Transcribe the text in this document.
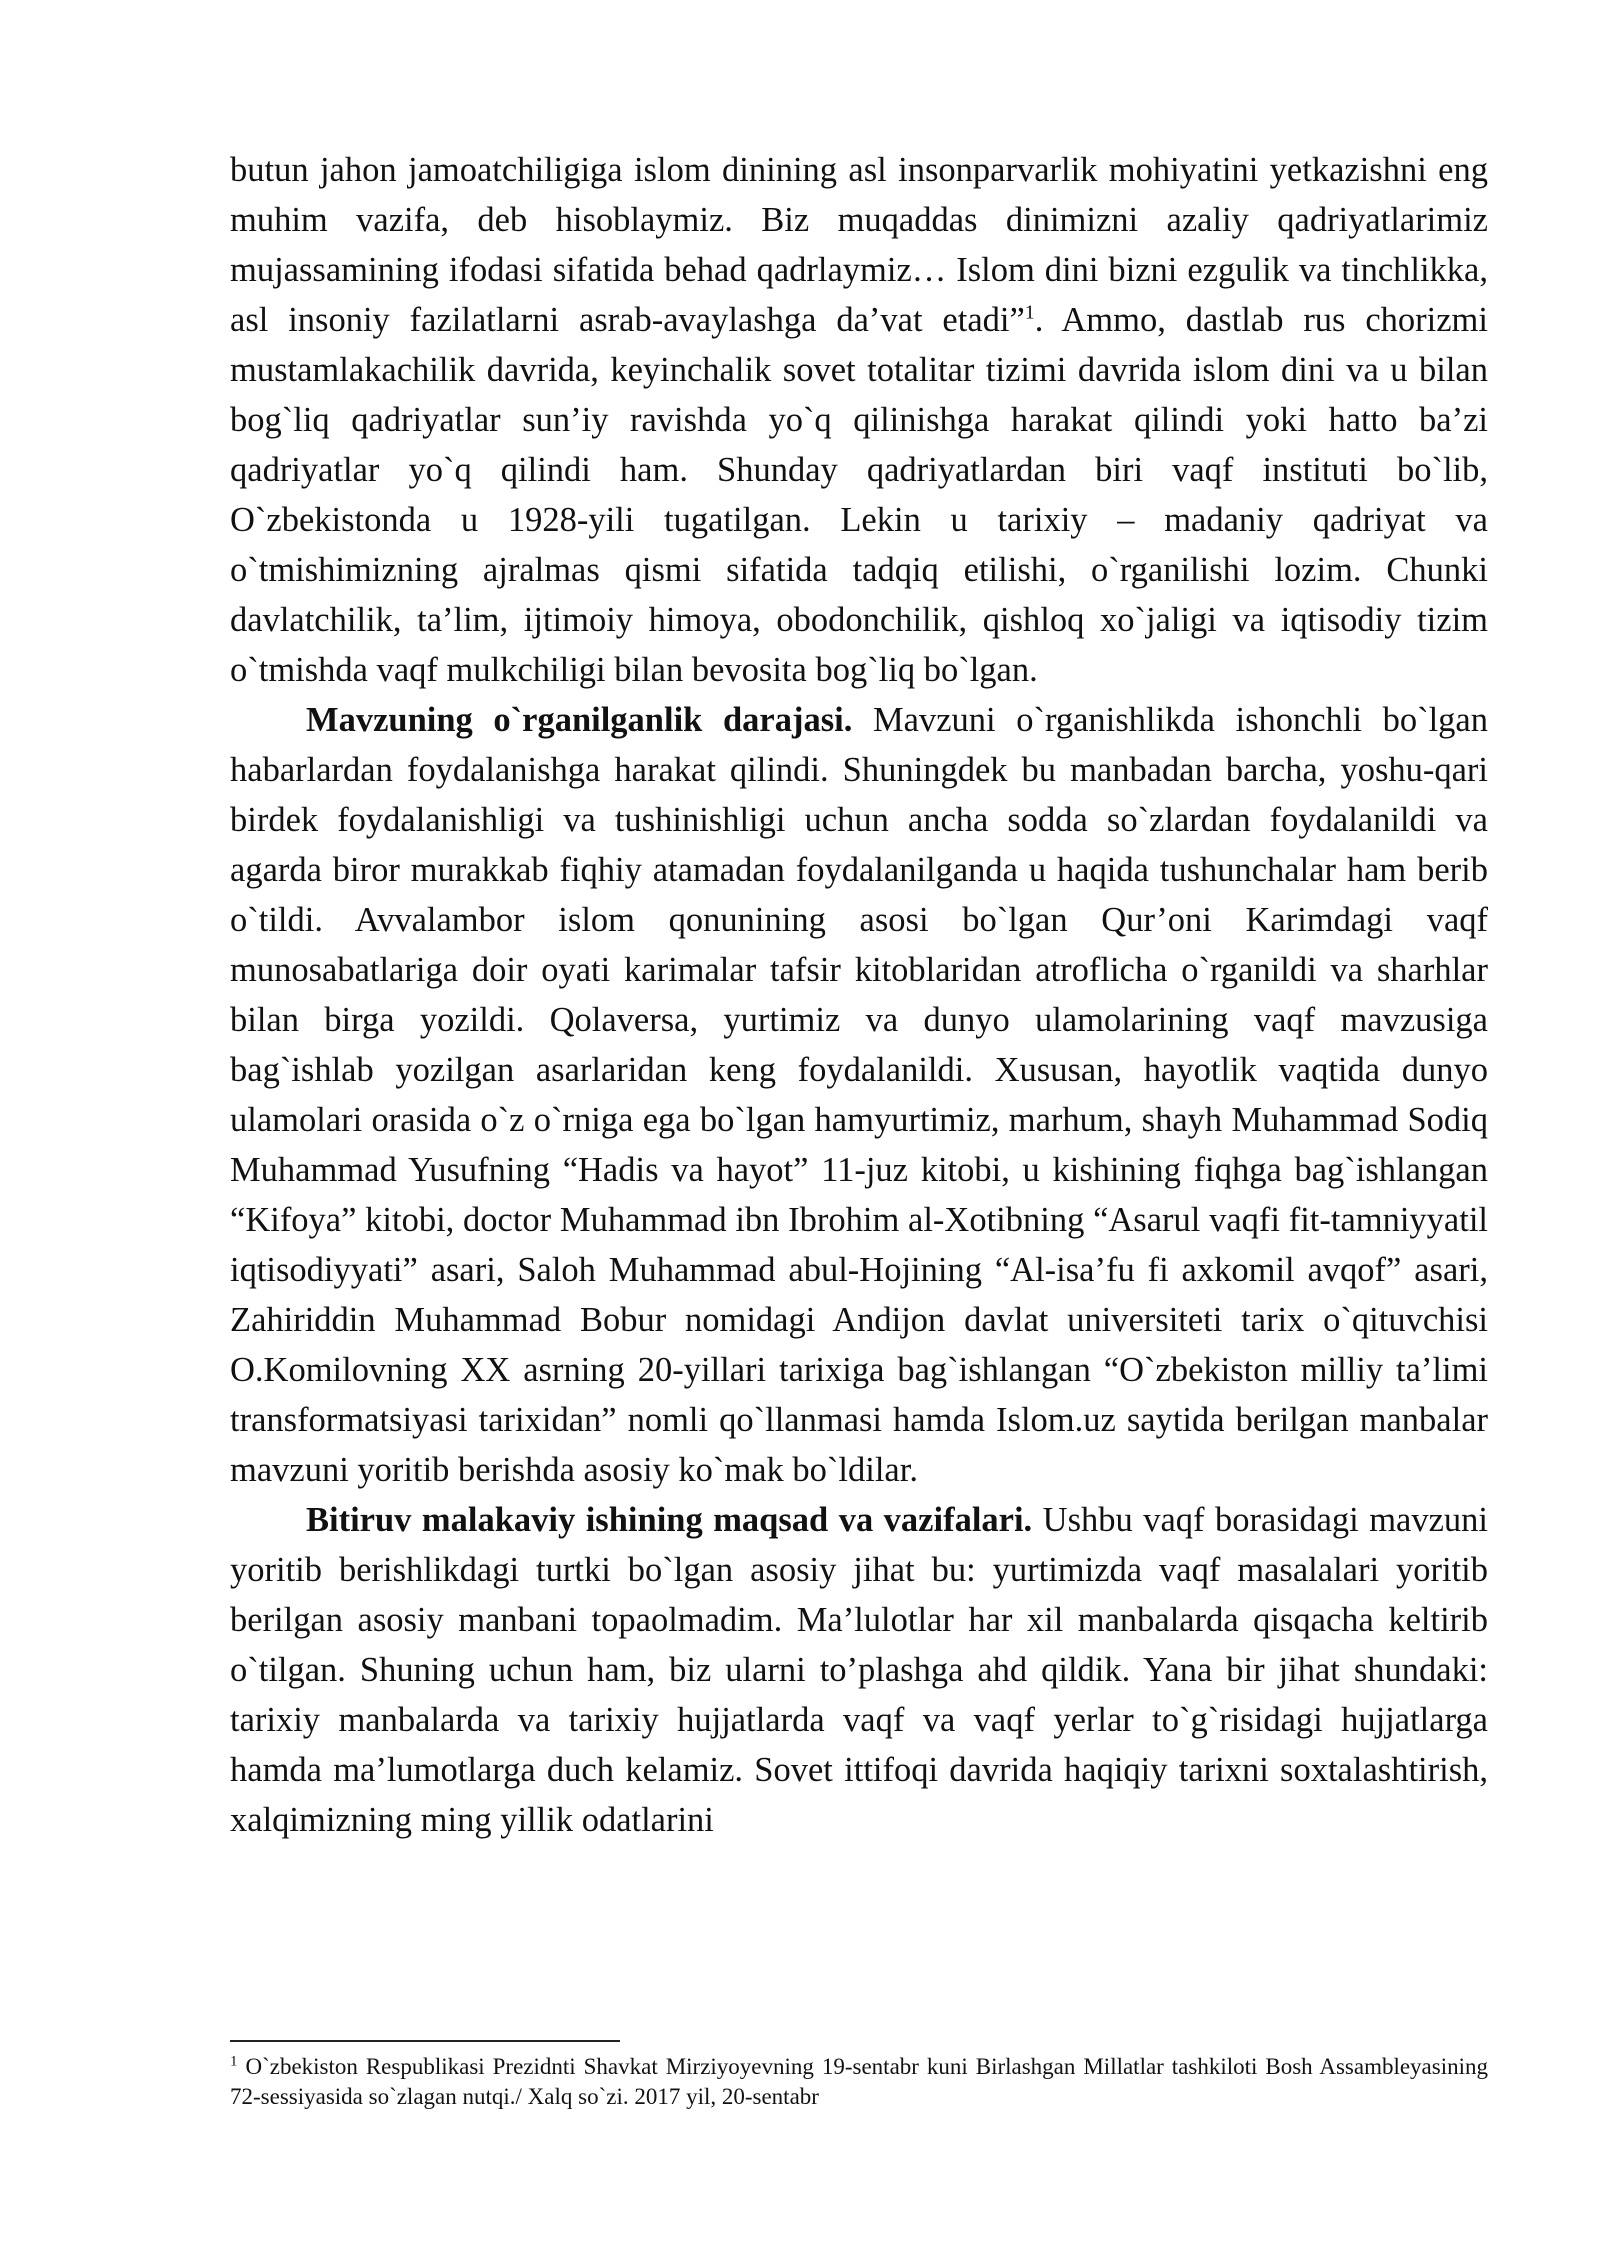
butun jahon jamoatchiligiga islom dinining asl insonparvarlik mohiyatini yetkazishni eng muhim vazifa, deb hisoblaymiz. Biz muqaddas dinimizni azaliy qadriyatlarimiz mujassamining ifodasi sifatida behad qadrlaymiz… Islom dini bizni ezgulik va tinchlikka, asl insoniy fazilatlarni asrab-avaylashga da’vat etadi”$^1$. Ammo, dastlab rus chorizmi mustamlakachilik davrida, keyinchalik sovet totalitar tizimi davrida islom dini va u bilan bog`liq qadriyatlar sun’iy ravishda yo`q qilinishga harakat qilindi yoki hatto ba’zi qadriyatlar yo`q qilindi ham. Shunday qadriyatlardan biri vaqf instituti bo`lib, O`zbekistonda u 1928-yili tugatilgan. Lekin u tarixiy – madaniy qadriyat va o`tmishimizning ajralmas qismi sifatida tadqiq etilishi, o`rganilishi lozim. Chunki davlatchilik, ta’lim, ijtimoiy himoya, obodonchilik, qishloq xo`jaligi va iqtisodiy tizim o`tmishda vaqf mulkchiligi bilan bevosita bog`liq bo`lgan.

Mavzuning o`rganilganlik darajasi. Mavzuni o`rganishlikda ishonchli bo`lgan habarlardan foydalanishga harakat qilindi. Shuningdek bu manbadan barcha, yoshu-qari birdek foydalanishligi va tushinishligi uchun ancha sodda so`zlardan foydalanildi va agarda biror murakkab fiqhiy atamadan foydalanilganda u haqida tushunchalar ham berib o`tildi. Avvalambor islom qonunining asosi bo`lgan Qur’oni Karimdagi vaqf munosabatlariga doir oyati karimalar tafsir kitoblaridan atroflicha o`rganildi va sharhlar bilan birga yozildi. Qolaversa, yurtimiz va dunyo ulamolarining vaqf mavzusiga bag`ishlab yozilgan asarlaridan keng foydalanildi. Xususan, hayotlik vaqtida dunyo ulamolari orasida o`z o`rniga ega bo`lgan hamyurtimiz, marhum, shayh Muhammad Sodiq Muhammad Yusufning “Hadis va hayot” 11-juz kitobi, u kishining fiqhga bag`ishlangan “Kifoya” kitobi, doctor Muhammad ibn Ibrohim al-Xotibning “Asarul vaqfi fit-tamniyyatil iqtisodiyyati” asari, Saloh Muhammad abul-Hojining “Al-isa’fu fi axkomil avqof” asari, Zahiriddin Muhammad Bobur nomidagi Andijon davlat universiteti tarix o`qituvchisi O.Komilovning XX asrning 20-yillari tarixiga bag`ishlangan “O`zbekiston milliy ta’limi transformatsiyasi tarixidan” nomli qo`llanmasi hamda Islom.uz saytida berilgan manbalar mavzuni yoritib berishda asosiy ko`mak bo`ldilar.

Bitiruv malakaviy ishining maqsad va vazifalari. Ushbu vaqf borasidagi mavzuni yoritib berishlikdagi turtki bo`lgan asosiy jihat bu: yurtimizda vaqf masalalari yoritib berilgan asosiy manbani topaolmadim. Ma’lulotlar har xil manbalarda qisqacha keltirib o`tilgan. Shuning uchun ham, biz ularni to’plashga ahd qildik. Yana bir jihat shundaki: tarixiy manbalarda va tarixiy hujjatlarda vaqf va vaqf yerlar to`g`risidagi hujjatlarga hamda ma’lumotlarga duch kelamiz. Sovet ittifoqi davrida haqiqiy tarixni soxtalashtirish, xalqimizning ming yillik odatlarini

$^1$ O`zbekiston Respublikasi Prezidnti Shavkat Mirziyoyevning 19-sentabr kuni Birlashgan Millatlar tashkiloti Bosh Assambleyasining 72-sessiyasida so`zlagan nutqi./ Xalq so`zi. 2017 yil, 20-sentabr
